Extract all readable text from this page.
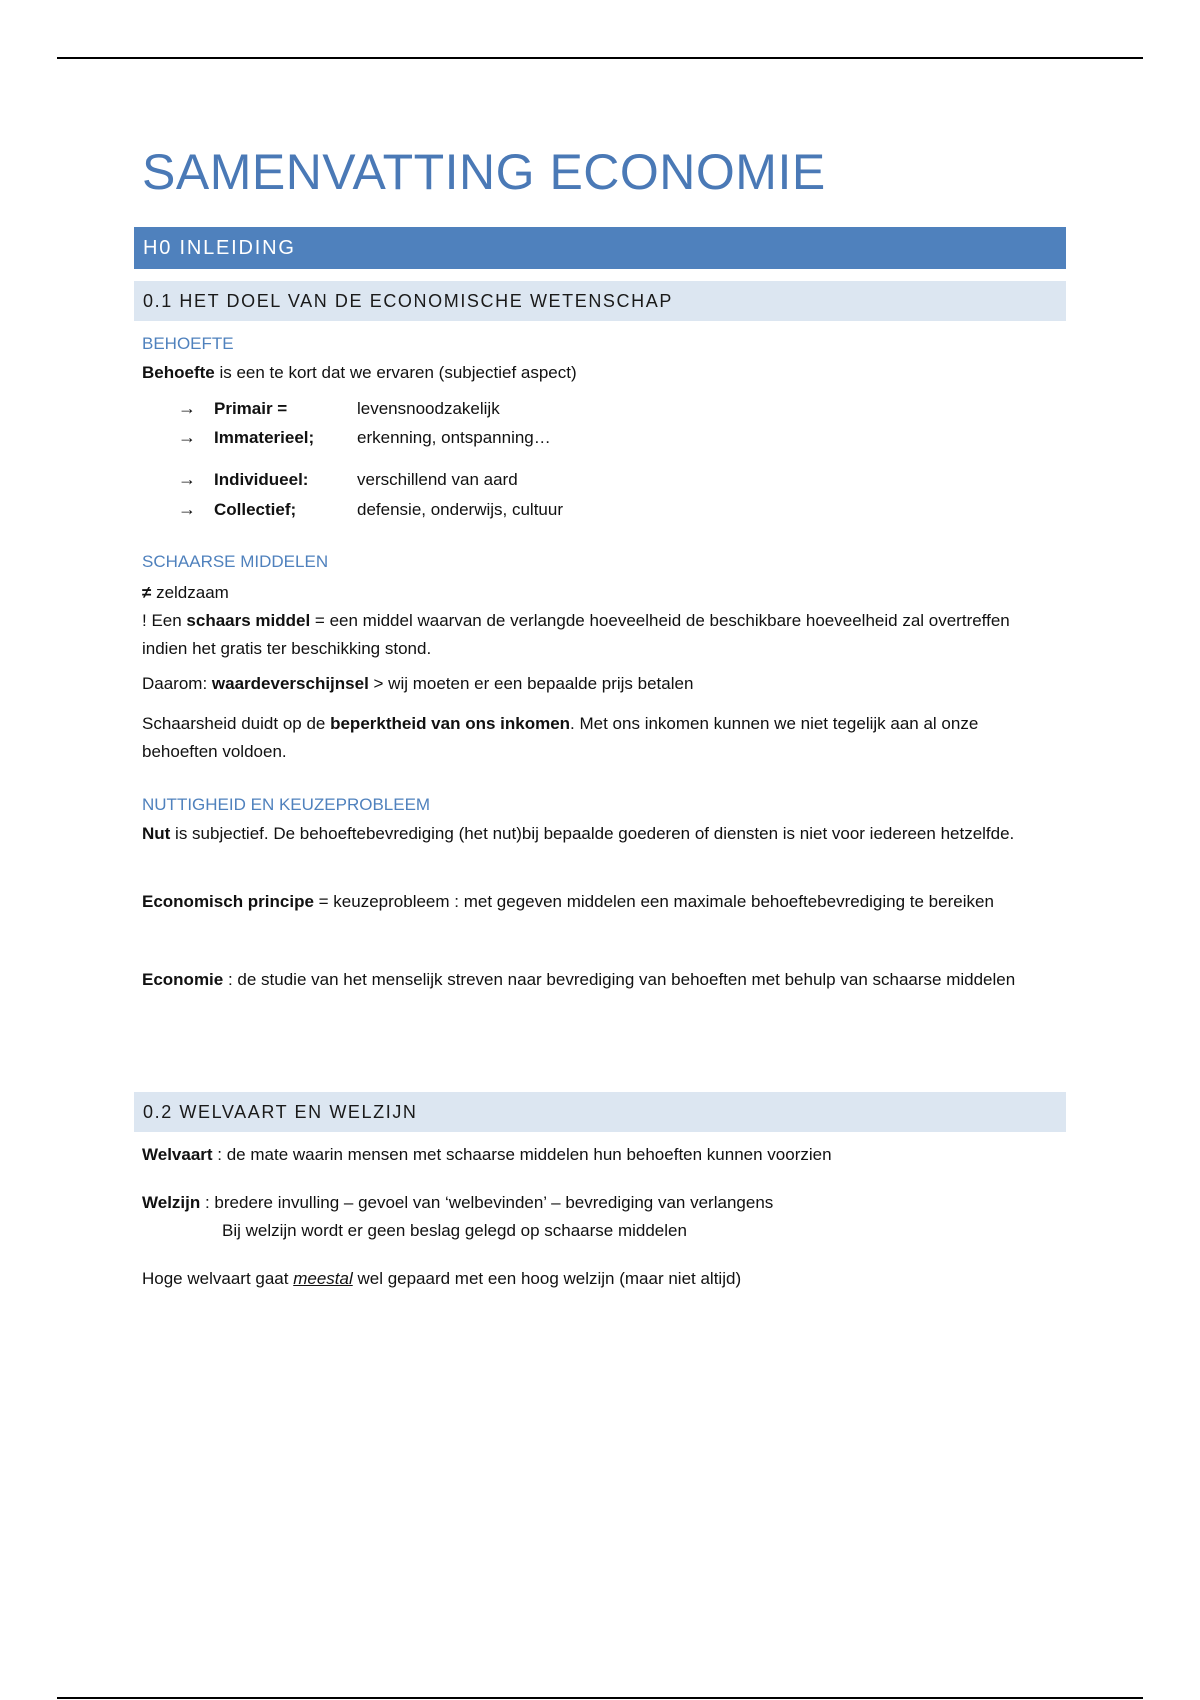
SAMENVATTING ECONOMIE
H0 INLEIDING
0.1 HET DOEL VAN DE ECONOMISCHE WETENSCHAP
BEHOEFTE
Behoefte is een te kort dat we ervaren (subjectief aspect)
→ Primair =	levensnoodzakelijk
→ Immaterieel;	erkenning, ontspanning…
→ Individueel:	verschillend van aard
→ Collectief;	defensie, onderwijs, cultuur
SCHAARSE MIDDELEN
≠ zeldzaam
! Een schaars middel = een middel waarvan de verlangde hoeveelheid de beschikbare hoeveelheid zal overtreffen indien het gratis ter beschikking stond.
Daarom: waardeverschijnsel > wij moeten er een bepaalde prijs betalen
Schaarsheid duidt op de beperktheid van ons inkomen. Met ons inkomen kunnen we niet tegelijk aan al onze behoeften voldoen.
NUTTIGHEID EN KEUZEPROBLEEM
Nut is subjectief. De behoeftebevrediging (het nut)bij bepaalde goederen of diensten is niet voor iedereen hetzelfde.
Economisch principe = keuzeprobleem : met gegeven middelen een maximale behoeftebevrediging te bereiken
Economie : de studie van het menselijk streven naar bevrediging van behoeften met behulp van schaarse middelen
0.2 WELVAART EN WELZIJN
Welvaart : de mate waarin mensen met schaarse middelen hun behoeften kunnen voorzien
Welzijn : bredere invulling – gevoel van ‘welbevinden’ – bevrediging van verlangens
Bij welzijn wordt er geen beslag gelegd op schaarse middelen
Hoge welvaart gaat meestal wel gepaard met een hoog welzijn (maar niet altijd)
